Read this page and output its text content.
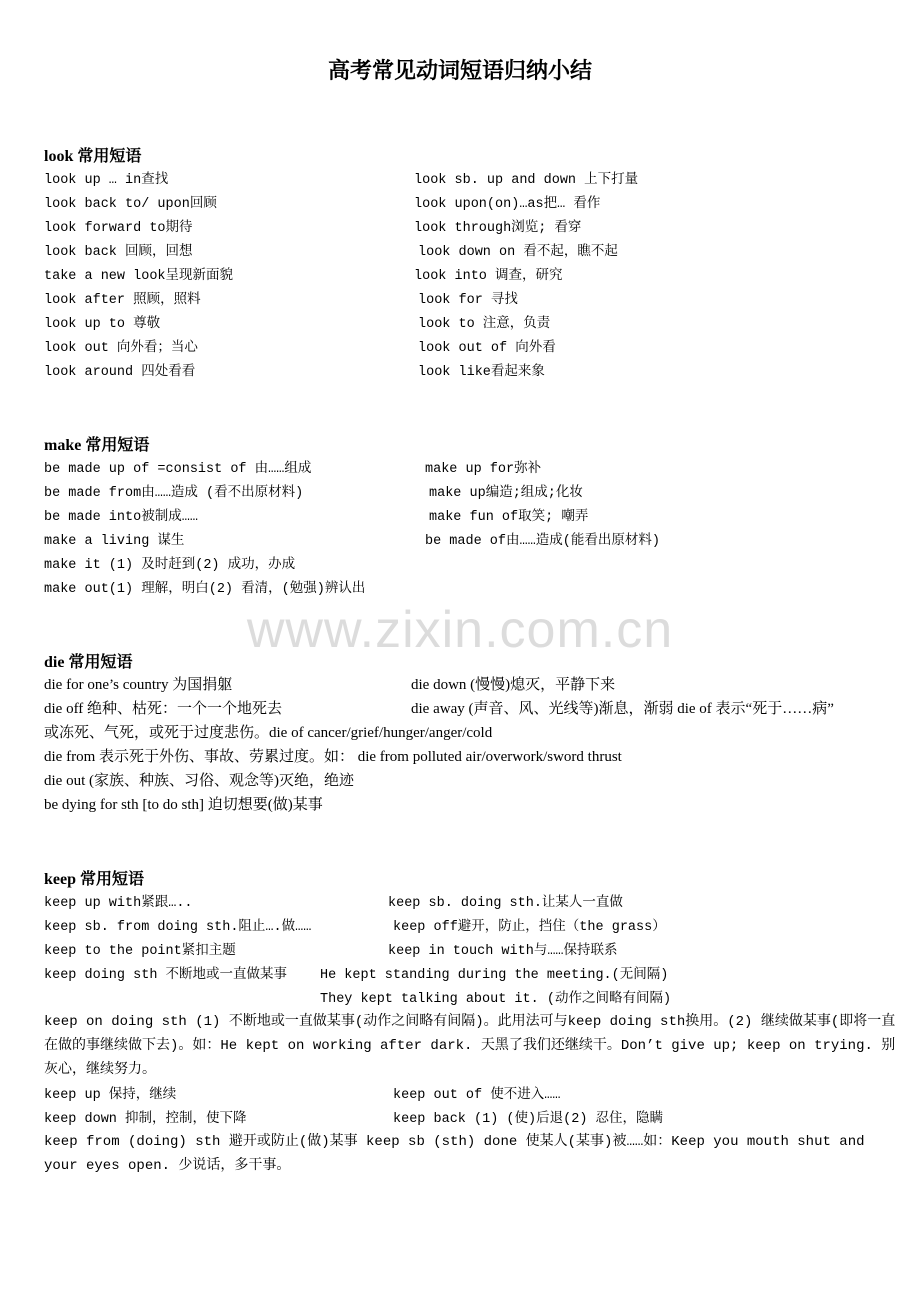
高考常见动词短语归纳小结
www.zixin.com.cn
look 常用短语
look up … in查找	look sb. up and down 上下打量
look back to/ upon回顾	look upon(on)…as把… 看作
look forward to期待	look through浏览; 看穿
look back 回顾，回想	look down on 看不起，瞧不起
take a new look呈现新面貌	look into 调查，研究
look after 照顾，照料	look for 寻找
look up to 尊敬	look to 注意，负责
look out 向外看；当心	look out of 向外看
look around 四处看看	look like看起来象
make 常用短语
be made up of =consist of 由……组成	make up for弥补
be made from由……造成 (看不出原材料)	make up编造;组成;化妆
be made into被制成……	make fun of取笑; 嘲弄
make a living 谋生	be made of由……造成(能看出原材料)
make it (1) 及时赶到(2) 成功，办成
make out(1) 理解，明白(2) 看清，(勉强)辨认出
die 常用短语
die for one’s country 为国捐躯	die down (慢慢)熄灭，平静下来
die off 绝种、枯死：一个一个地死去	die away (声音、风、光线等)渐息，渐弱 die of 表示“死于……病”
或冻死、气死，或死于过度悲伤。die of cancer/grief/hunger/anger/cold
die from 表示死于外伤、事故、劳累过度。如： die from polluted air/overwork/sword thrust
die out (家族、种族、习俗、观念等)灭绝，绝迹
be dying for sth [to do sth] 迫切想要(做)某事
keep 常用短语
keep up with紧跟…..	keep sb. doing sth.让某人一直做
keep sb. from doing sth.阻止….做……	keep off避开，防止，挡住（the grass）
keep to the point紧扣主题	keep in touch with与……保持联系
keep doing sth 不断地或一直做某事 He kept standing during the meeting.(无间隔)
They kept talking about it. (动作之间略有间隔)
keep on doing sth (1) 不断地或一直做某事(动作之间略有间隔)。此用法可与keep doing sth换用。(2) 继续做某事(即将一直在做的事继续做下去)。如：He kept on working after dark. 天黑了我们还继续干。Don’t give up; keep on trying. 别灰心，继续努力。
keep up 保持，继续	keep out of 使不进入……
keep down 抑制，控制，使下降	keep back (1) (使)后退(2) 忍住，隐瞒
keep from (doing) sth 避开或防止(做)某事 keep sb (sth) done 使某人(某事)被……如：Keep you mouth shut and your eyes open. 少说话，多干事。
